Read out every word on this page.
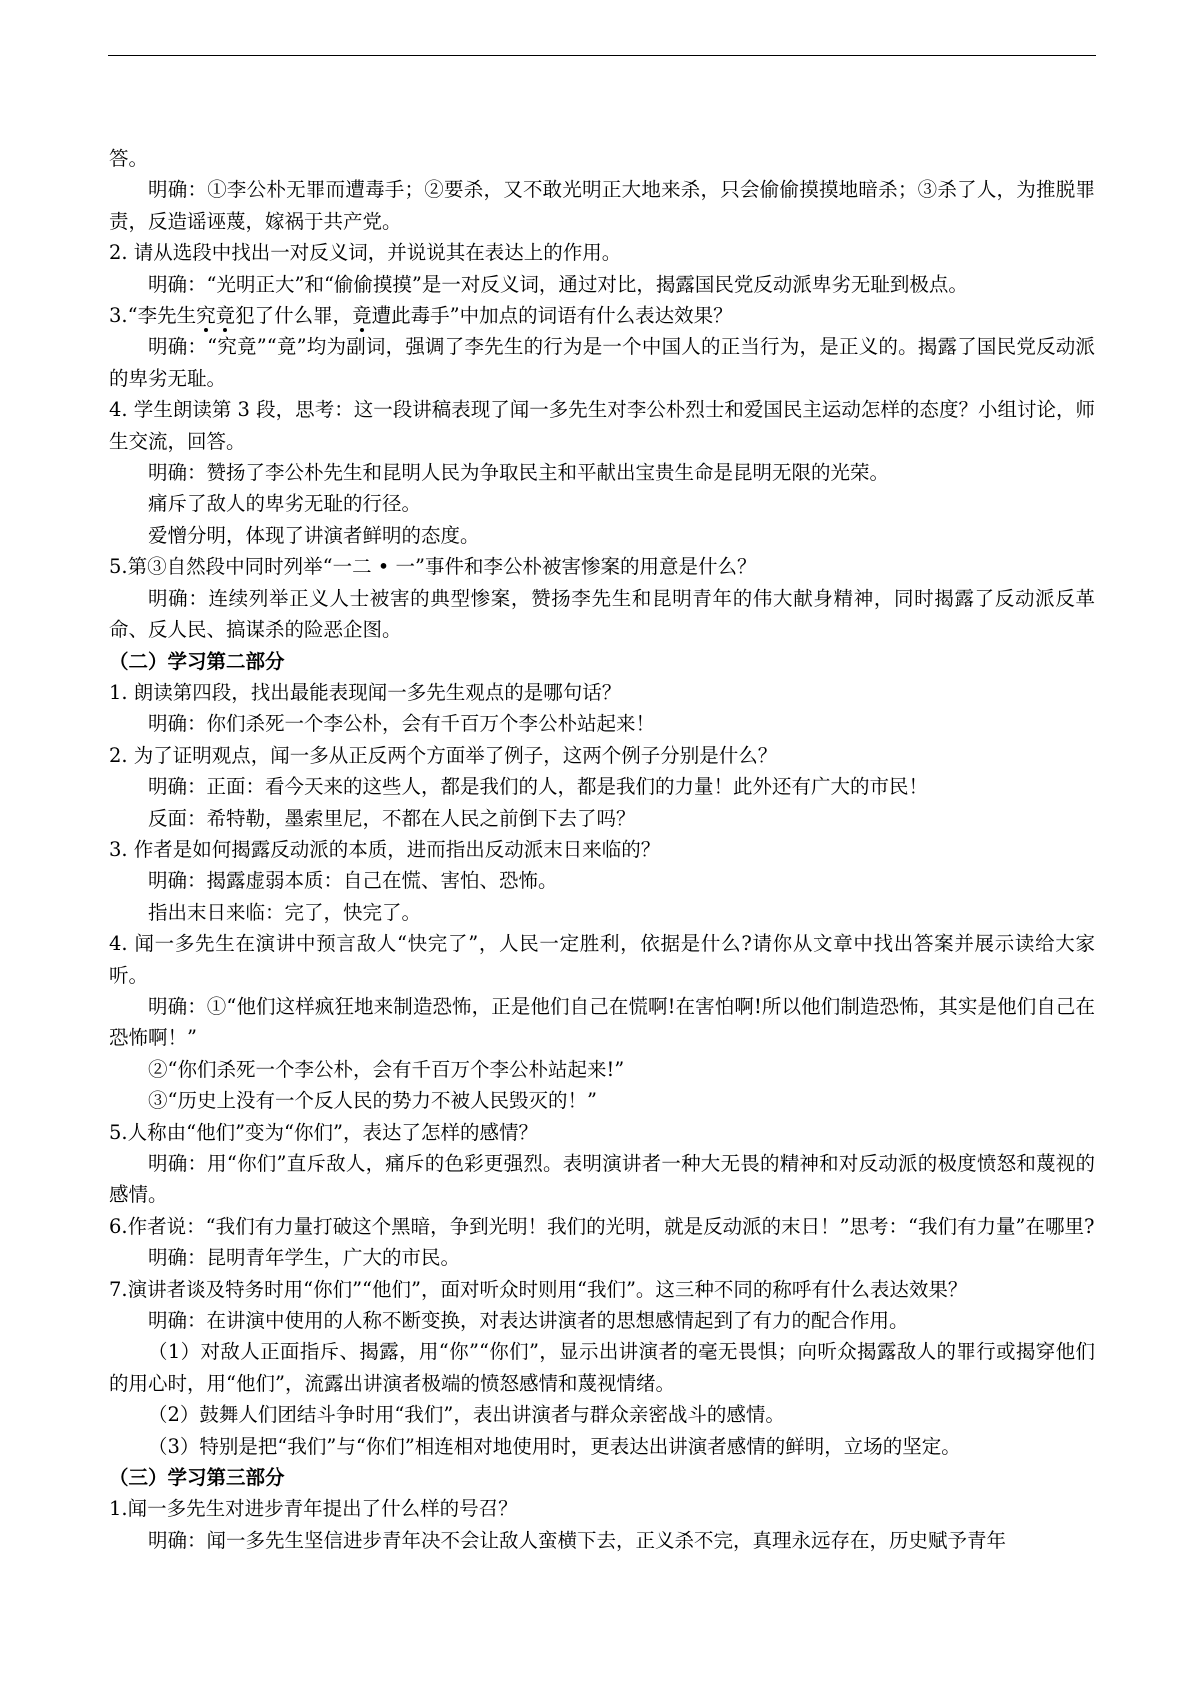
答。

明确：①李公朴无罪而遭毒手；②要杀，又不敢光明正大地来杀，只会偷偷摸摸地暗杀；③杀了人，为推脱罪责，反造谣诬蔑，嫁祸于共产党。

2. 请从选段中找出一对反义词，并说说其在表达上的作用。

明确：“光明正大”和“偷偷摸摸”是一对反义词，通过对比，揭露国民党反动派卑劣无耻到极点。

3.“李先生究竟犯了什么罪，竟遭此毒手”中加点的词语有什么表达效果？

明确：“究竟”“竟”均为副词，强调了李先生的行为是一个中国人的正当行为，是正义的。揭露了国民党反动派的卑劣无耻。

4. 学生朗读第 3 段，思考：这一段讲稿表现了闻一多先生对李公朴烈士和爱国民主运动怎样的态度？小组讨论，师生交流，回答。

明确：赞扬了李公朴先生和昆明人民为争取民主和平献出宝贵生命是昆明无限的光荣。

痛斥了敌人的卑劣无耻的行径。

爱憎分明，体现了讲演者鲜明的态度。

5.第③自然段中同时列举“一二 • 一”事件和李公朴被害惨案的用意是什么？

明确：连续列举正义人士被害的典型惨案，赞扬李先生和昆明青年的伟大献身精神，同时揭露了反动派反革命、反人民、搞谋杀的险恶企图。

（二）学习第二部分

1. 朗读第四段，找出最能表现闻一多先生观点的是哪句话？

明确：你们杀死一个李公朴，会有千百万个李公朴站起来！

2. 为了证明观点，闻一多从正反两个方面举了例子，这两个例子分别是什么？

明确：正面：看今天来的这些人，都是我们的人，都是我们的力量！此外还有广大的市民！

反面：希特勒，墨索里尼，不都在人民之前倒下去了吗？

3. 作者是如何揭露反动派的本质，进而指出反动派末日来临的？

明确：揭露虚弱本质：自己在慌、害怕、恐怖。

指出末日来临：完了，快完了。

4. 闻一多先生在演讲中预言敌人“快完了”，人民一定胜利，依据是什么?请你从文章中找出答案并展示读给大家听。

明确：①“他们这样疯狂地来制造恐怖，正是他们自己在慌啊!在害怕啊!所以他们制造恐怖，其实是他们自己在恐怖啊！”

②“你们杀死一个李公朴，会有千百万个李公朴站起来!”

③“历史上没有一个反人民的势力不被人民毁灭的！”

5.人称由“他们”变为“你们”，表达了怎样的感情？

明确：用“你们”直斥敌人，痛斥的色彩更强烈。表明演讲者一种大无畏的精神和对反动派的极度愤怒和蔑视的感情。

6.作者说：“我们有力量打破这个黑暗，争到光明！我们的光明，就是反动派的末日！”思考：“我们有力量”在哪里?

明确：昆明青年学生，广大的市民。

7.演讲者谈及特务时用“你们”“他们”，面对听众时则用“我们”。这三种不同的称呼有什么表达效果？

明确：在讲演中使用的人称不断变换，对表达讲演者的思想感情起到了有力的配合作用。

（1）对敌人正面指斥、揭露，用“你”“你们”，显示出讲演者的毫无畏惧；向听众揭露敌人的罪行或揭穿他们的用心时，用“他们”，流露出讲演者极端的愤怒感情和蔑视情绪。

（2）鼓舞人们团结斗争时用“我们”，表出讲演者与群众亲密战斗的感情。

（3）特别是把“我们”与“你们”相连相对地使用时，更表达出讲演者感情的鲜明，立场的坚定。

（三）学习第三部分

1.闻一多先生对进步青年提出了什么样的号召？

明确：闻一多先生坚信进步青年决不会让敌人蛮横下去，正义杀不完，真理永远存在，历史赋予青年
